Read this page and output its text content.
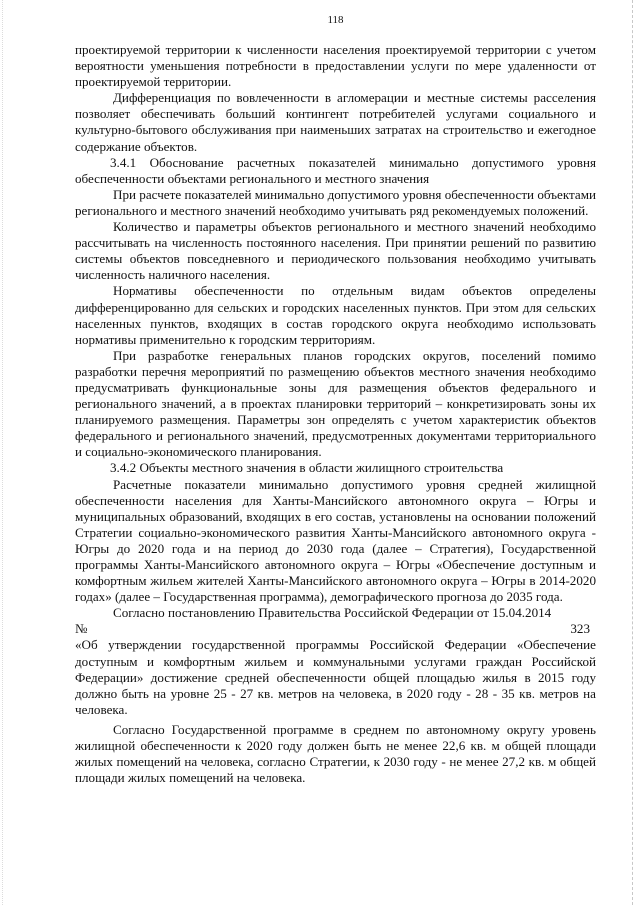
118

проектируемой территории к численности населения проектируемой территории с учетом вероятности уменьшения потребности в предоставлении услуги по мере удаленности от проектируемой территории.

Дифференциация по вовлеченности в агломерации и местные системы расселения позволяет обеспечивать больший контингент потребителей услугами социального и культурно-бытового обслуживания при наименьших затратах на строительство и ежегодное содержание объектов.

3.4.1 Обоснование расчетных показателей минимально допустимого уровня обеспеченности объектами регионального и местного значения

При расчете показателей минимально допустимого уровня обеспеченности объектами регионального и местного значений необходимо учитывать ряд рекомендуемых положений.

Количество и параметры объектов регионального и местного значений необходимо рассчитывать на численность постоянного населения. При принятии решений по развитию системы объектов повседневного и периодического пользования необходимо учитывать численность наличного населения.

Нормативы обеспеченности по отдельным видам объектов определены дифференцированно для сельских и городских населенных пунктов. При этом для сельских населенных пунктов, входящих в состав городского округа необходимо использовать нормативы применительно к городским территориям.

При разработке генеральных планов городских округов, поселений помимо разработки перечня мероприятий по размещению объектов местного значения необходимо предусматривать функциональные зоны для размещения объектов федерального и регионального значений, а в проектах планировки территорий – конкретизировать зоны их планируемого размещения. Параметры зон определять с учетом характеристик объектов федерального и регионального значений, предусмотренных документами территориального и социально-экономического планирования.

3.4.2 Объекты местного значения в области жилищного строительства

Расчетные показатели минимально допустимого уровня средней жилищной обеспеченности населения для Ханты-Мансийского автономного округа – Югры и муниципальных образований, входящих в его состав, установлены на основании положений Стратегии социально-экономического развития Ханты-Мансийского автономного округа - Югры до 2020 года и на период до 2030 года (далее – Стратегия), Государственной программы Ханты-Мансийского автономного округа – Югры «Обеспечение доступным и комфортным жильем жителей Ханты-Мансийского автономного округа – Югры в 2014-2020 годах» (далее – Государственная программа), демографического прогноза до 2035 года.

Согласно постановлению Правительства Российской Федерации от 15.04.2014

№	323

«Об утверждении государственной программы Российской Федерации «Обеспечение доступным и комфортным жильем и коммунальными услугами граждан Российской Федерации» достижение средней обеспеченности общей площадью жилья в 2015 году должно быть на уровне 25 - 27 кв. метров на человека, в 2020 году - 28 - 35 кв. метров на человека.

Согласно Государственной программе в среднем по автономному округу уровень жилищной обеспеченности к 2020 году должен быть не менее 22,6 кв. м общей площади жилых помещений на человека, согласно Стратегии, к 2030 году - не менее 27,2 кв. м общей площади жилых помещений на человека.
